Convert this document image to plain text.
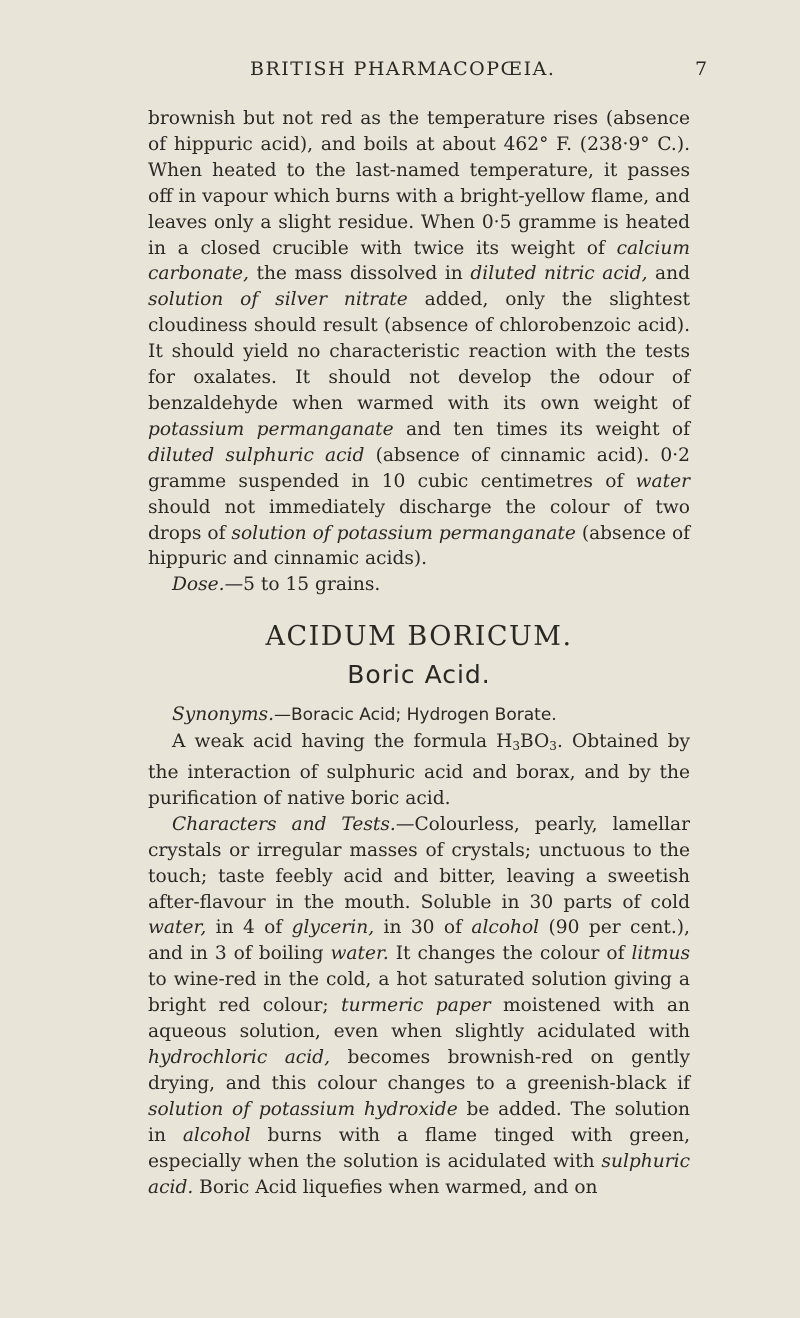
BRITISH PHARMACOPŒIA.	7

brownish but not red as the temperature rises (absence of hippuric acid), and boils at about 462° F. (238·9° C.). When heated to the last-named temperature, it passes off in vapour which burns with a bright-yellow flame, and leaves only a slight residue. When 0·5 gramme is heated in a closed crucible with twice its weight of calcium carbonate, the mass dissolved in diluted nitric acid, and solution of silver nitrate added, only the slightest cloudiness should result (absence of chlorobenzoic acid). It should yield no characteristic reaction with the tests for oxalates. It should not develop the odour of benzaldehyde when warmed with its own weight of potassium permanganate and ten times its weight of diluted sulphuric acid (absence of cinnamic acid). 0·2 gramme suspended in 10 cubic centimetres of water should not immediately discharge the colour of two drops of solution of potassium permanganate (absence of hippuric and cinnamic acids).

Dose.—5 to 15 grains.

ACIDUM BORICUM.
Boric Acid.

Synonyms.—Boracic Acid; Hydrogen Borate.

A weak acid having the formula $H_3BO_3$. Obtained by the interaction of sulphuric acid and borax, and by the purification of native boric acid.

Characters and Tests.—Colourless, pearly, lamellar crystals or irregular masses of crystals; unctuous to the touch; taste feebly acid and bitter, leaving a sweetish after-flavour in the mouth. Soluble in 30 parts of cold water, in 4 of glycerin, in 30 of alcohol (90 per cent.), and in 3 of boiling water. It changes the colour of litmus to wine-red in the cold, a hot saturated solution giving a bright red colour; turmeric paper moistened with an aqueous solution, even when slightly acidulated with hydrochloric acid, becomes brownish-red on gently drying, and this colour changes to a greenish-black if solution of potassium hydroxide be added. The solution in alcohol burns with a flame tinged with green, especially when the solution is acidulated with sulphuric acid. Boric Acid liquefies when warmed, and on
